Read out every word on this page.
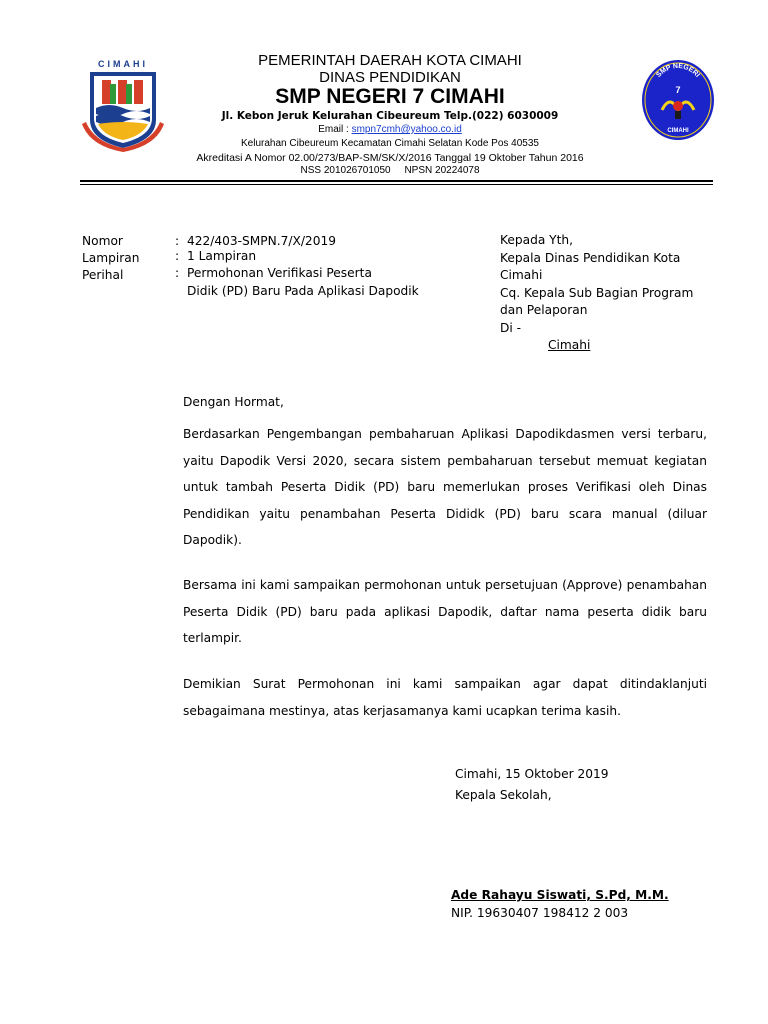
CIMAHI
SMP NEGERI
7
CIMAHI
PEMERINTAH DAERAH KOTA CIMAHI
DINAS PENDIDIKAN
SMP NEGERI 7 CIMAHI
Jl. Kebon Jeruk Kelurahan Cibeureum Telp.(022) 6030009
Email : smpn7cmh@yahoo.co.id
Kelurahan Cibeureum Kecamatan Cimahi Selatan Kode Pos 40535
Akreditasi A Nomor 02.00/273/BAP-SM/SK/X/2016 Tanggal 19 Oktober Tahun 2016
NSS 201026701050     NPSN 20224078
Nomor	: 422/403-SMPN.7/X/2019
Lampiran	: 1 Lampiran
Perihal	: Permohonan Verifikasi Peserta
Didik (PD) Baru Pada Aplikasi Dapodik
Kepada Yth,
Kepala Dinas Pendidikan Kota
Cimahi
Cq. Kepala Sub Bagian Program
dan Pelaporan
Di -
Cimahi
Dengan Hormat,
Berdasarkan Pengembangan pembaharuan Aplikasi Dapodikdasmen versi terbaru, yaitu Dapodik Versi 2020, secara sistem pembaharuan tersebut memuat kegiatan untuk tambah Peserta Didik (PD) baru memerlukan proses Verifikasi oleh Dinas Pendidikan yaitu penambahan Peserta Dididk (PD) baru scara manual (diluar Dapodik).
Bersama ini kami sampaikan permohonan untuk persetujuan (Approve) penambahan Peserta Didik (PD) baru pada aplikasi Dapodik, daftar nama peserta didik baru terlampir.
Demikian Surat Permohonan ini kami sampaikan agar dapat ditindaklanjuti sebagaimana mestinya, atas kerjasamanya kami ucapkan terima kasih.
Cimahi, 15 Oktober 2019
Kepala Sekolah,
Ade Rahayu Siswati, S.Pd, M.M.
NIP. 19630407 198412 2 003
